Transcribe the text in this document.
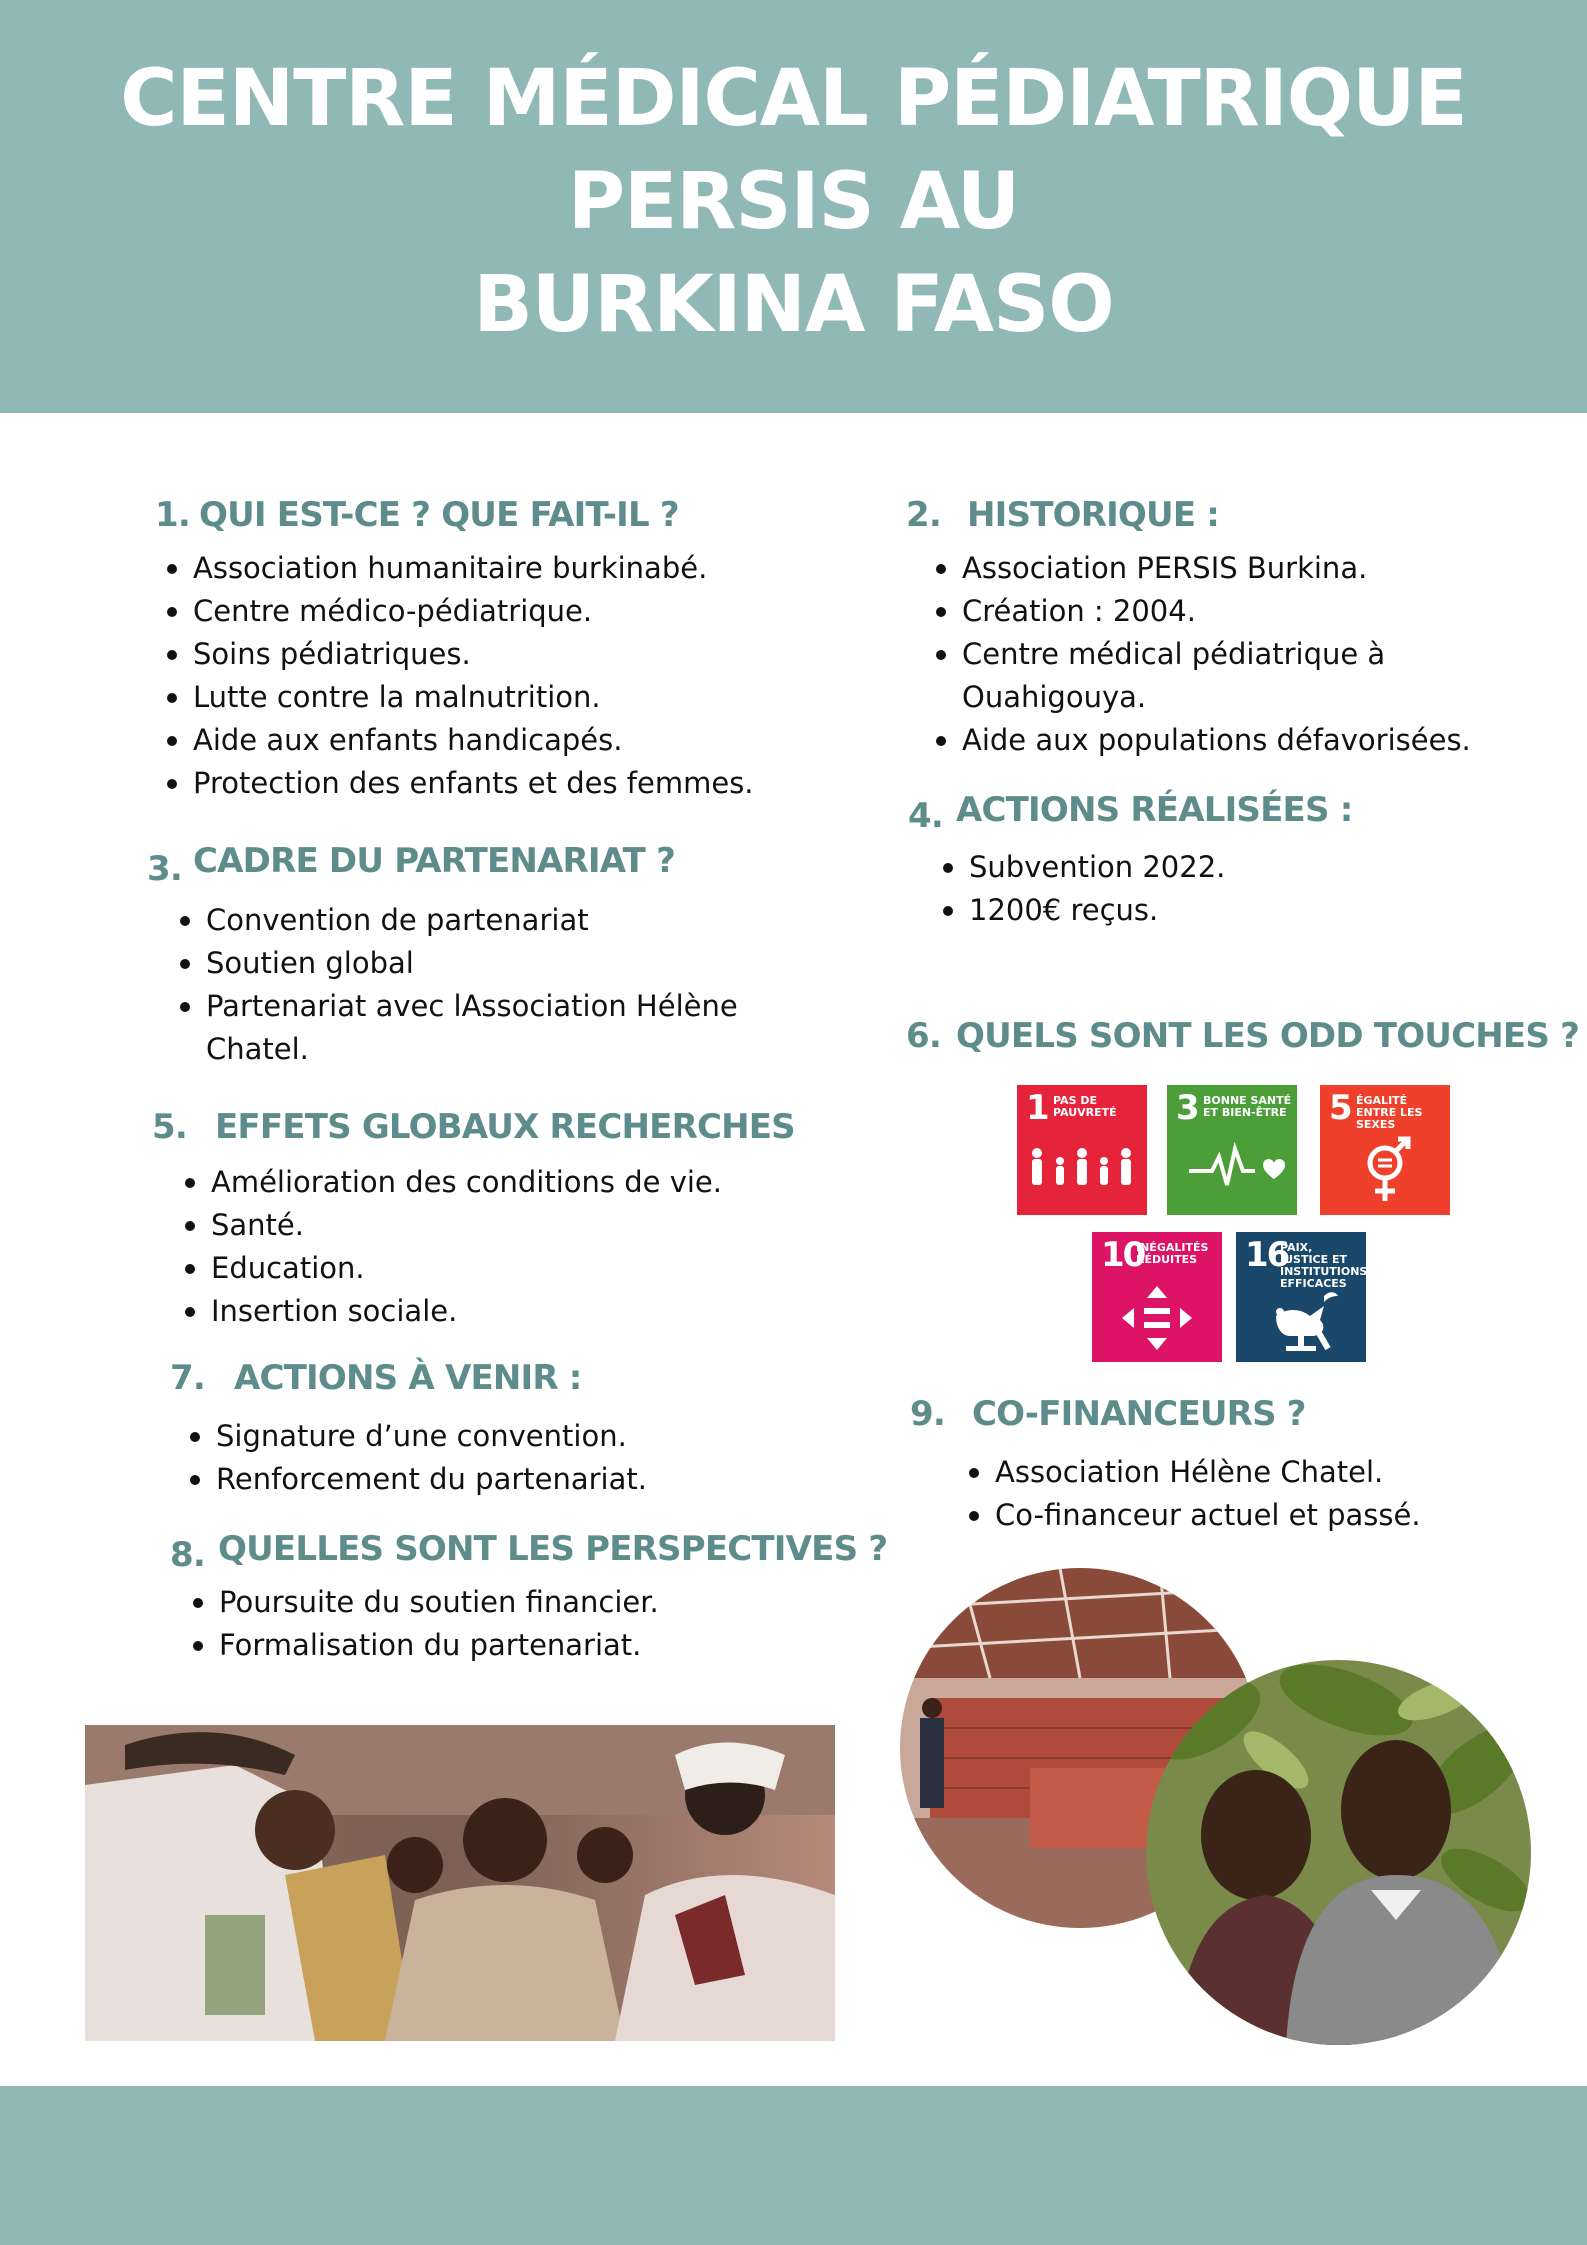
CENTRE MÉDICAL PÉDIATRIQUE
PERSIS AU
BURKINA FASO
1. QUI EST-CE ? QUE FAIT-IL ?
Association humanitaire burkinabé.
Centre médico-pédiatrique.
Soins pédiatriques.
Lutte contre la malnutrition.
Aide aux enfants handicapés.
Protection des enfants et des femmes.
3. CADRE DU PARTENARIAT ?
Convention de partenariat
Soutien global
Partenariat avec lAssociation Hélène Chatel.
5. EFFETS GLOBAUX RECHERCHES
Amélioration des conditions de vie.
Santé.
Education.
Insertion sociale.
7. ACTIONS À VENIR :
Signature d’une convention.
Renforcement du partenariat.
8. QUELLES SONT LES PERSPECTIVES ?
Poursuite du soutien financier.
Formalisation du partenariat.
2. HISTORIQUE :
Association PERSIS Burkina.
Création : 2004.
Centre médical pédiatrique à Ouahigouya.
Aide aux populations défavorisées.
4. ACTIONS RÉALISÉES :
Subvention 2022.
1200€ reçus.
6. QUELS SONT LES ODD TOUCHES ?
1 PAS DE PAUVRETÉ	3 BONNE SANTÉ ET BIEN-ÊTRE 5 ÉGALITÉ ENTRE LES SEXES
10
INÉGALITÉS RÉDUITES	16
PAIX, JUSTICE ET INSTITUTIONS EFFICACES
9. CO-FINANCEURS ?
Association Hélène Chatel.
Co-financeur actuel et passé.
